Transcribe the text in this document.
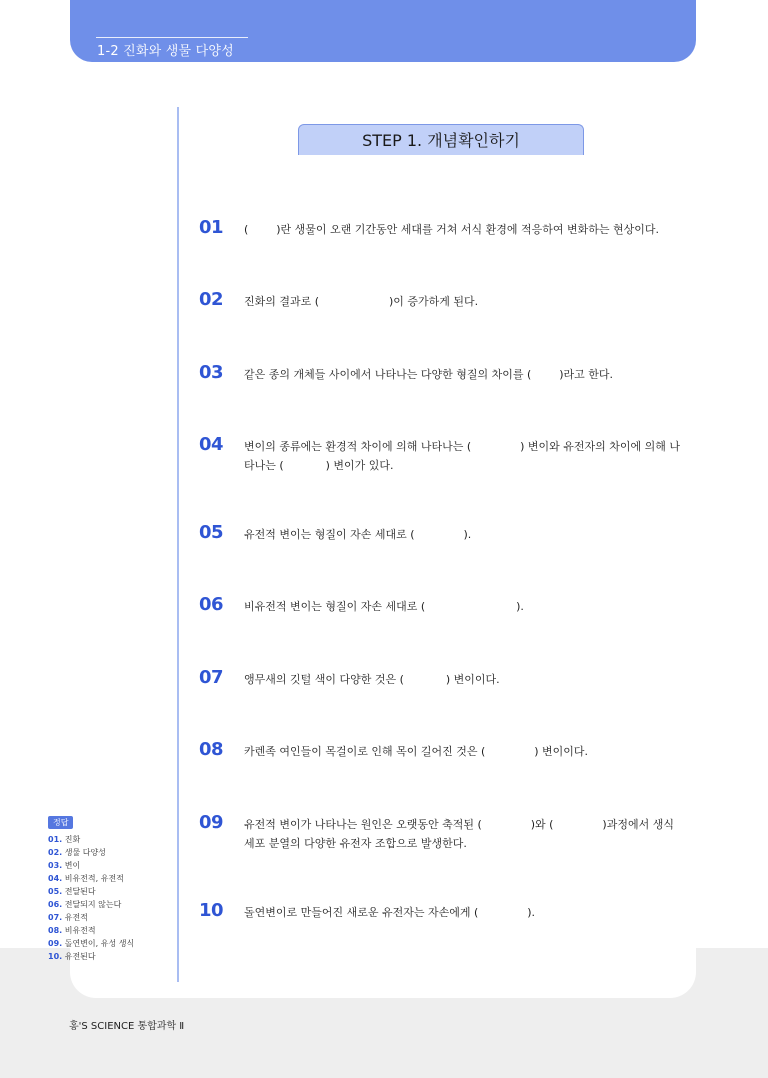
1-2 진화와 생물 다양성
STEP 1. 개념확인하기
01	(        )란 생물이 오랜 기간동안 세대를 거쳐 서식 환경에 적응하여 변화하는 현상이다.
02	진화의 결과로 (                    )이 증가하게 된다.
03	같은 종의 개체들 사이에서 나타나는 다양한 형질의 차이를 (        )라고 한다.
04	변이의 종류에는 환경적 차이에 의해 나타나는 (              ) 변이와 유전자의 차이에 의해 나
타나는 (            ) 변이가 있다.
05	유전적 변이는 형질이 자손 세대로 (              ).
06	비유전적 변이는 형질이 자손 세대로 (                          ).
07	앵무새의 깃털 색이 다양한 것은 (            ) 변이이다.
08	카렌족 여인들이 목걸이로 인해 목이 길어진 것은 (              ) 변이이다.
09	유전적 변이가 나타나는 원인은 오랫동안 축적된 (              )와 (              )과정에서 생식
세포 분열의 다양한 유전자 조합으로 발생한다.
10	돌연변이로 만들어진 새로운 유전자는 자손에게 (              ).
정답
01. 진화
02. 생물 다양성
03. 변이
04. 비유전적, 유전적
05. 전달된다
06. 전달되지 않는다
07. 유전적
08. 비유전적
09. 돌연변이, 유성 생식
10. 유전된다
홍'S SCIENCE 통합과학 Ⅱ
